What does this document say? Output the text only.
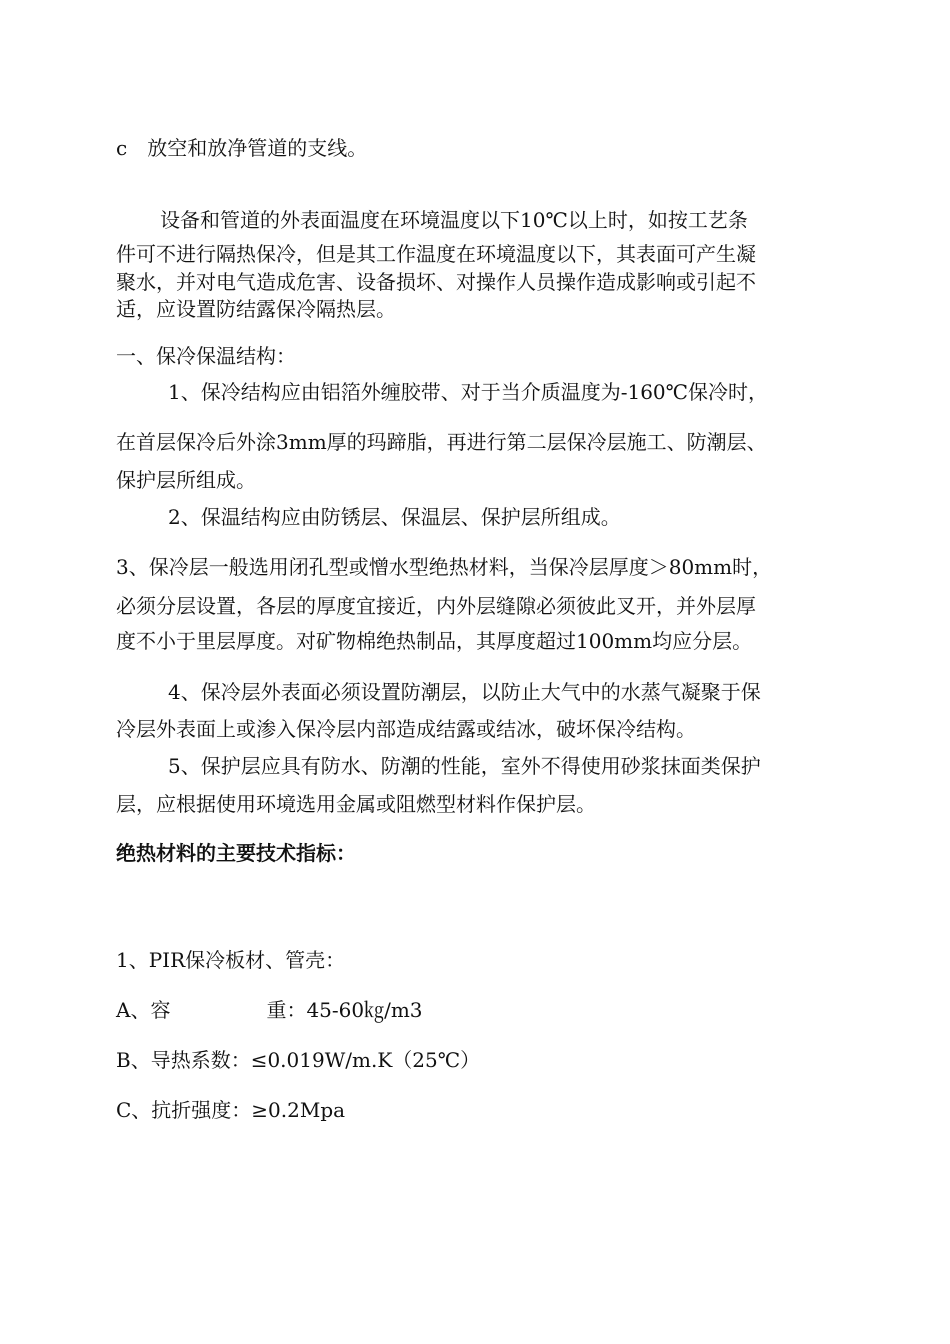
c　放空和放净管道的支线。
设备和管道的外表面温度在环境温度以下10℃以上时，如按工艺条
件可不进行隔热保冷，但是其工作温度在环境温度以下，其表面可产生凝
聚水，并对电气造成危害、设备损坏、对操作人员操作造成影响或引起不
适，应设置防结露保冷隔热层。
一、保冷保温结构：
1、保冷结构应由铝箔外缠胶带、对于当介质温度为-160℃保冷时，
在首层保冷后外涂3mm厚的玛蹄脂，再进行第二层保冷层施工、防潮层、
保护层所组成。
2、保温结构应由防锈层、保温层、保护层所组成。
3、保冷层一般选用闭孔型或憎水型绝热材料，当保冷层厚度＞80mm时，
必须分层设置，各层的厚度宜接近，内外层缝隙必须彼此叉开，并外层厚
度不小于里层厚度。对矿物棉绝热制品，其厚度超过100mm均应分层。
4、保冷层外表面必须设置防潮层，以防止大气中的水蒸气凝聚于保
冷层外表面上或渗入保冷层内部造成结露或结冰，破坏保冷结构。
5、保护层应具有防水、防潮的性能，室外不得使用砂浆抹面类保护
层，应根据使用环境选用金属或阻燃型材料作保护层。
绝热材料的主要技术指标：
1、PIR保冷板材、管壳：
A、容	重：45-60㎏/m3
B、导热系数：≤0.019W/m.K（25℃）
C、抗折强度：≥0.2Mpa
